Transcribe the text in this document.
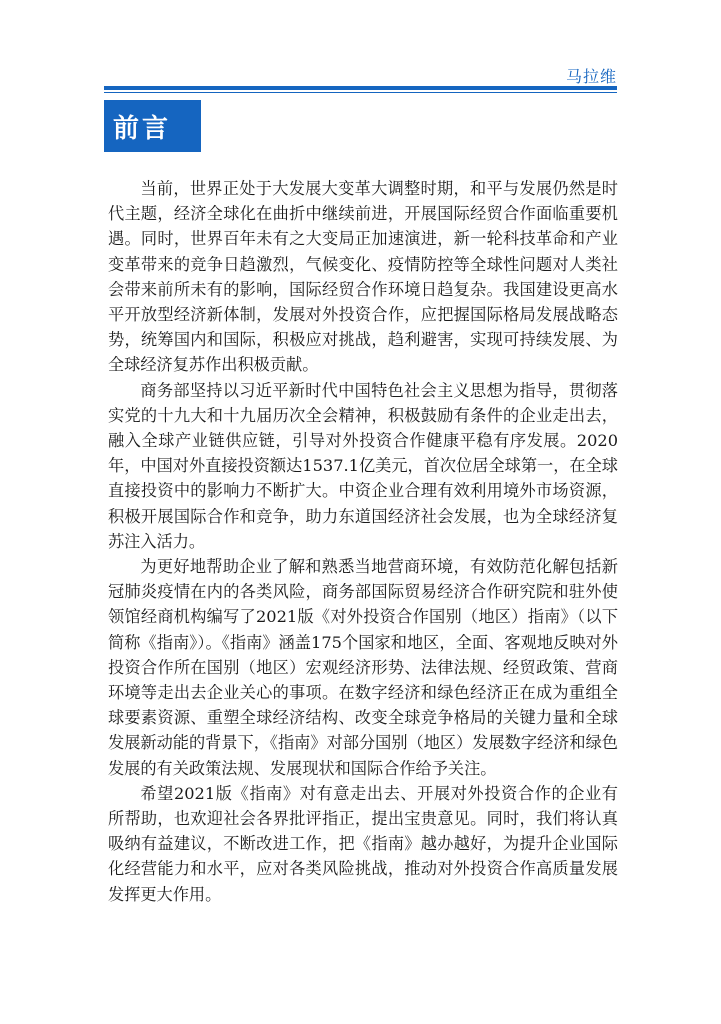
马拉维
前言

当前，世界正处于大发展大变革大调整时期，和平与发展仍然是时代主题，经济全球化在曲折中继续前进，开展国际经贸合作面临重要机遇。同时，世界百年未有之大变局正加速演进，新一轮科技革命和产业变革带来的竞争日趋激烈，气候变化、疫情防控等全球性问题对人类社会带来前所未有的影响，国际经贸合作环境日趋复杂。我国建设更高水平开放型经济新体制，发展对外投资合作，应把握国际格局发展战略态势，统筹国内和国际，积极应对挑战，趋利避害，实现可持续发展、为全球经济复苏作出积极贡献。

商务部坚持以习近平新时代中国特色社会主义思想为指导，贯彻落实党的十九大和十九届历次全会精神，积极鼓励有条件的企业走出去，融入全球产业链供应链，引导对外投资合作健康平稳有序发展。2020年，中国对外直接投资额达1537.1亿美元，首次位居全球第一，在全球直接投资中的影响力不断扩大。中资企业合理有效利用境外市场资源，积极开展国际合作和竞争，助力东道国经济社会发展，也为全球经济复苏注入活力。

为更好地帮助企业了解和熟悉当地营商环境，有效防范化解包括新冠肺炎疫情在内的各类风险，商务部国际贸易经济合作研究院和驻外使领馆经商机构编写了2021版《对外投资合作国别（地区）指南》（以下简称《指南》）。《指南》涵盖175个国家和地区，全面、客观地反映对外投资合作所在国别（地区）宏观经济形势、法律法规、经贸政策、营商环境等走出去企业关心的事项。在数字经济和绿色经济正在成为重组全球要素资源、重塑全球经济结构、改变全球竞争格局的关键力量和全球发展新动能的背景下，《指南》对部分国别（地区）发展数字经济和绿色发展的有关政策法规、发展现状和国际合作给予关注。

希望2021版《指南》对有意走出去、开展对外投资合作的企业有所帮助，也欢迎社会各界批评指正，提出宝贵意见。同时，我们将认真吸纳有益建议，不断改进工作，把《指南》越办越好，为提升企业国际化经营能力和水平，应对各类风险挑战，推动对外投资合作高质量发展发挥更大作用。
